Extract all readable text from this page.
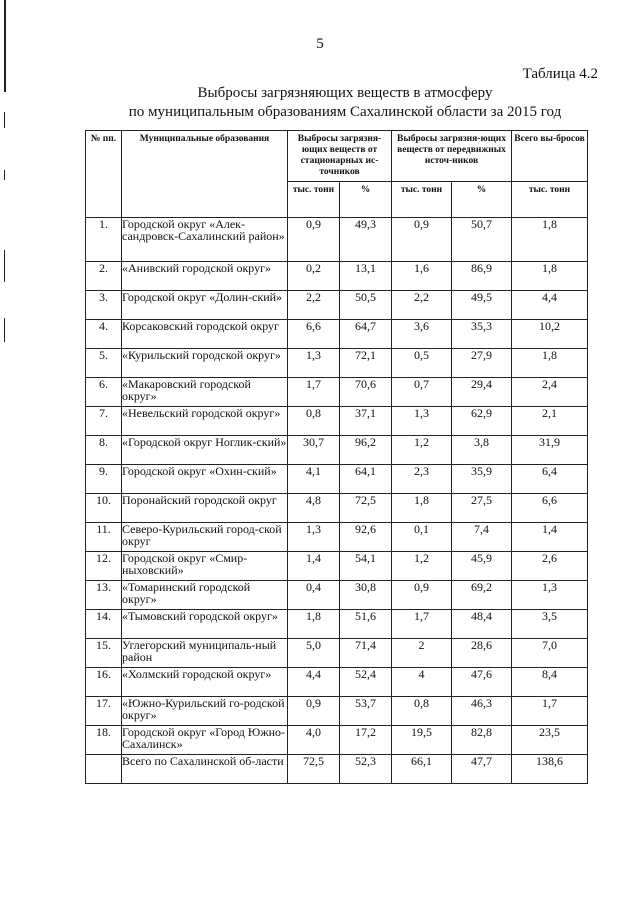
5
Таблица 4.2
Выбросы загрязняющих веществ в атмосферу
по муниципальным образованиям Сахалинской области за 2015 год
№ пп.	Муниципальные образования	Выбросы загрязня-ющих веществ от стационарных ис-точников		Выбросы загрязня-ющих веществ от передвижных источ-ников		Всего вы-бросов
		тыс. тонн	%	тыс. тонн	%	тыс. тонн
1.	Городской округ «Алек-сандровск-Сахалинский район»	0,9	49,3	0,9	50,7	1,8
2.	«Анивский городской округ»	0,2	13,1	1,6	86,9	1,8
3.	Городской округ «Долин-ский»	2,2	50,5	2,2	49,5	4,4
4.	Корсаковский городской округ	6,6	64,7	3,6	35,3	10,2
5.	«Курильский городской округ»	1,3	72,1	0,5	27,9	1,8
6.	«Макаровский городской округ»	1,7	70,6	0,7	29,4	2,4
7.	«Невельский городской округ»	0,8	37,1	1,3	62,9	2,1
8.	«Городской округ Ноглик-ский»	30,7	96,2	1,2	3,8	31,9
9.	Городской округ «Охин-ский»	4,1	64,1	2,3	35,9	6,4
10.	Поронайский городской округ	4,8	72,5	1,8	27,5	6,6
11.	Северо-Курильский город-ской округ	1,3	92,6	0,1	7,4	1,4
12.	Городской округ «Смир-ныховский»	1,4	54,1	1,2	45,9	2,6
13.	«Томаринский городской округ»	0,4	30,8	0,9	69,2	1,3
14.	«Тымовский городской округ»	1,8	51,6	1,7	48,4	3,5
15.	Углегорский муниципаль-ный район	5,0	71,4	2	28,6	7,0
16.	«Холмский городской округ»	4,4	52,4	4	47,6	8,4
17.	«Южно-Курильский го-родской округ»	0,9	53,7	0,8	46,3	1,7
18.	Городской округ «Город Южно-Сахалинск»	4,0	17,2	19,5	82,8	23,5
	Всего по Сахалинской об-ласти	72,5	52,3	66,1	47,7	138,6
